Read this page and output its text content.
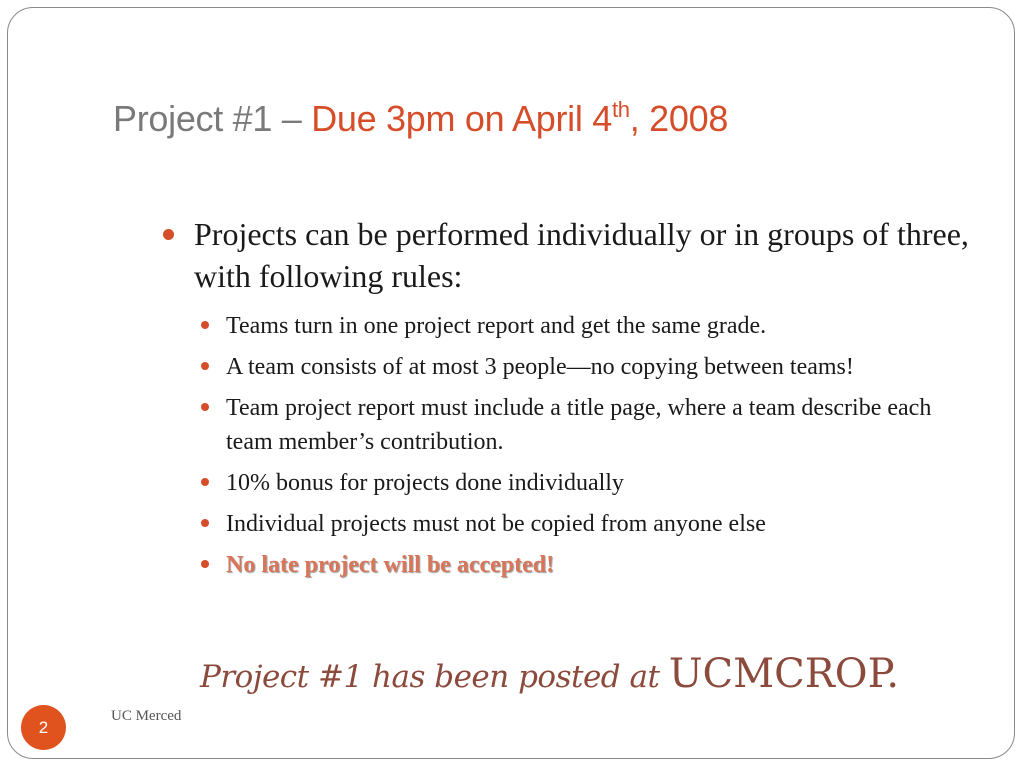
Project #1 – Due 3pm on April 4th, 2008
Projects can be performed individually or in groups of three, with following rules:
Teams turn in one project report and get the same grade.
A team consists of at most 3 people—no copying between teams!
Team project report must include a title page, where a team describe each team member’s contribution.
10% bonus for projects done individually
Individual projects must not be copied from anyone else
No late project will be accepted!
Project #1 has been posted at UCMCROP.
2
UC Merced
